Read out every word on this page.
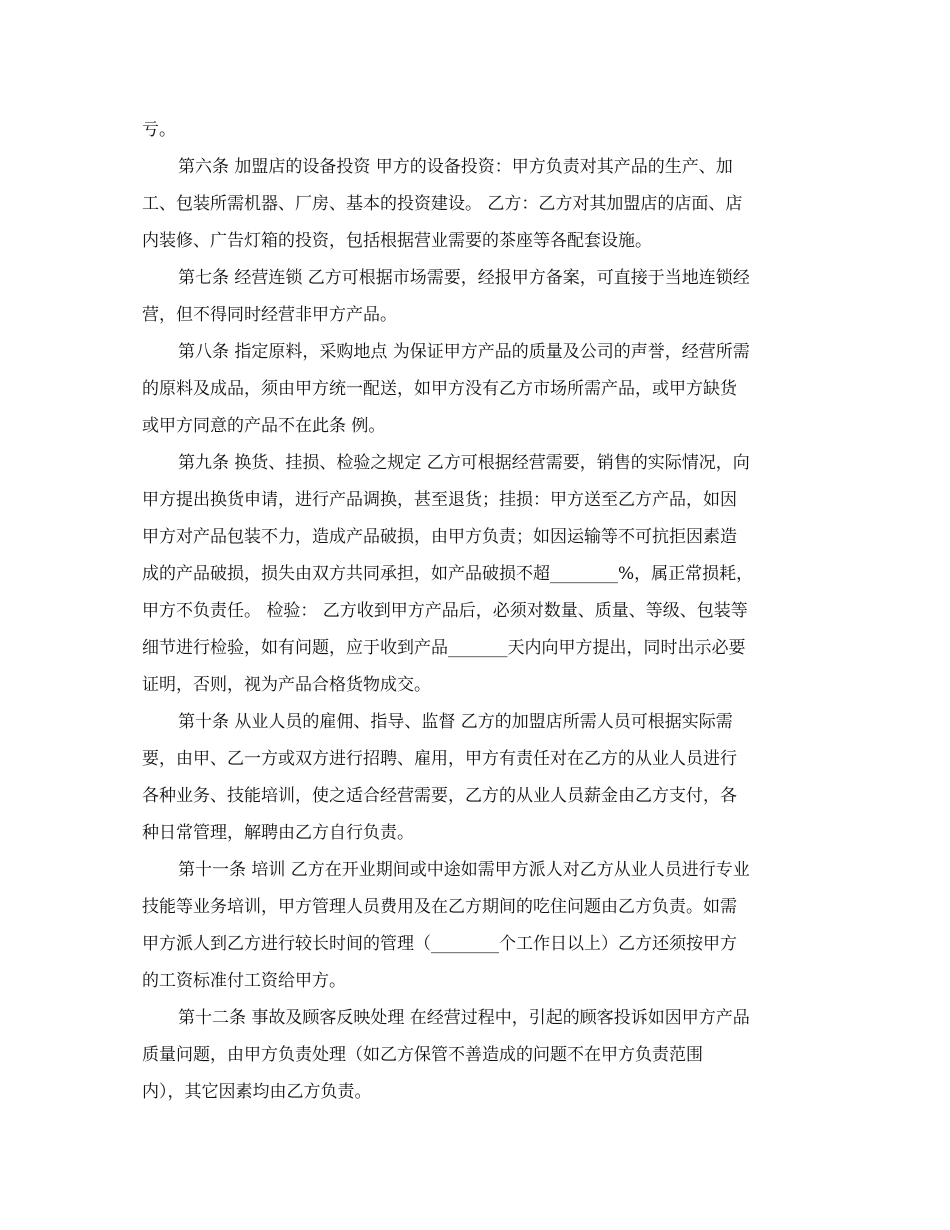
亏。
第六条 加盟店的设备投资 甲方的设备投资：甲方负责对其产品的生产、加
工、包装所需机器、厂房、基本的投资建设。 乙方：乙方对其加盟店的店面、店
内装修、广告灯箱的投资，包括根据营业需要的茶座等各配套设施。
第七条 经营连锁 乙方可根据市场需要，经报甲方备案，可直接于当地连锁经
营，但不得同时经营非甲方产品。
第八条 指定原料，采购地点 为保证甲方产品的质量及公司的声誉，经营所需
的原料及成品，须由甲方统一配送，如甲方没有乙方市场所需产品，或甲方缺货
或甲方同意的产品不在此条 例。
第九条 换货、挂损、检验之规定 乙方可根据经营需要，销售的实际情况，向
甲方提出换货申请，进行产品调换，甚至退货；挂损：甲方送至乙方产品，如因
甲方对产品包装不力，造成产品破损，由甲方负责；如因运输等不可抗拒因素造
成的产品破损，损失由双方共同承担，如产品破损不超________%，属正常损耗，
甲方不负责任。 检验： 乙方收到甲方产品后，必须对数量、质量、等级、包装等
细节进行检验，如有问题，应于收到产品_______天内向甲方提出，同时出示必要
证明，否则，视为产品合格货物成交。
第十条 从业人员的雇佣、指导、监督 乙方的加盟店所需人员可根据实际需
要，由甲、乙一方或双方进行招聘、雇用，甲方有责任对在乙方的从业人员进行
各种业务、技能培训，使之适合经营需要，乙方的从业人员薪金由乙方支付，各
种日常管理，解聘由乙方自行负责。
第十一条 培训 乙方在开业期间或中途如需甲方派人对乙方从业人员进行专业
技能等业务培训，甲方管理人员费用及在乙方期间的吃住问题由乙方负责。如需
甲方派人到乙方进行较长时间的管理（________个工作日以上）乙方还须按甲方
的工资标准付工资给甲方。
第十二条 事故及顾客反映处理 在经营过程中，引起的顾客投诉如因甲方产品
质量问题，由甲方负责处理（如乙方保管不善造成的问题不在甲方负责范围
内），其它因素均由乙方负责。
